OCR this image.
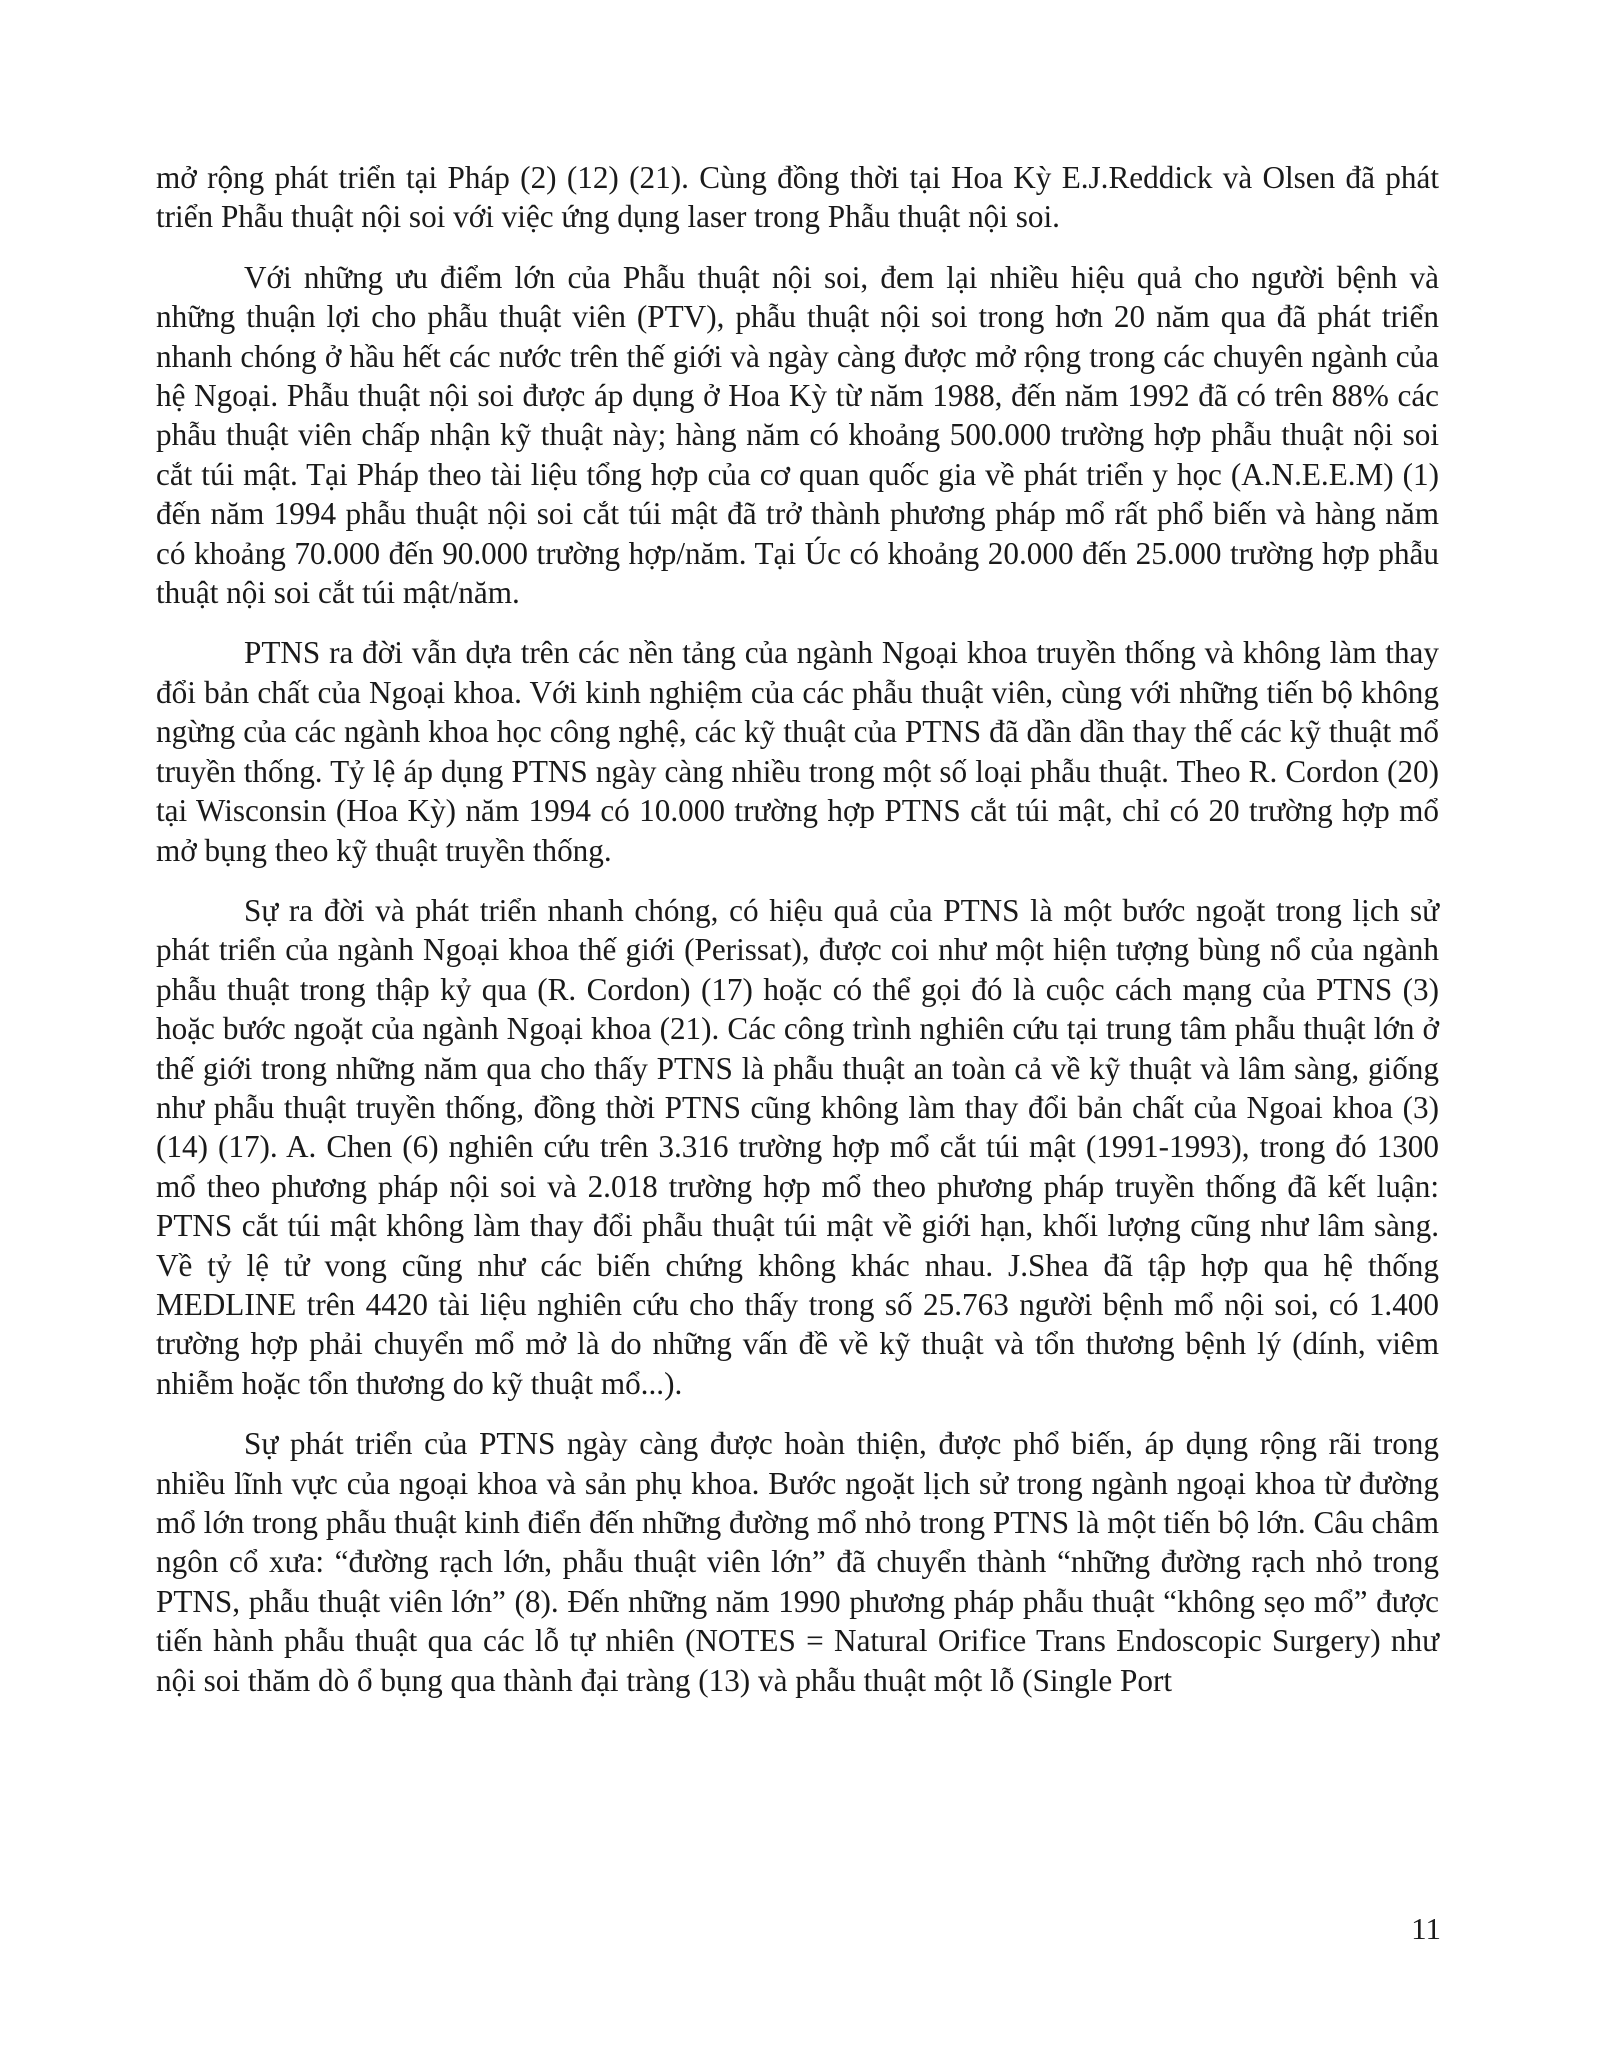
mở rộng phát triển tại Pháp (2) (12) (21). Cùng đồng thời tại Hoa Kỳ E.J.Reddick và Olsen đã phát triển Phẫu thuật nội soi với việc ứng dụng laser trong Phẫu thuật nội soi.

Với những ưu điểm lớn của Phẫu thuật nội soi, đem lại nhiều hiệu quả cho người bệnh và những thuận lợi cho phẫu thuật viên (PTV), phẫu thuật nội soi trong hơn 20 năm qua đã phát triển nhanh chóng ở hầu hết các nước trên thế giới và ngày càng được mở rộng trong các chuyên ngành của hệ Ngoại. Phẫu thuật nội soi được áp dụng ở Hoa Kỳ từ năm 1988, đến năm 1992 đã có trên 88% các phẫu thuật viên chấp nhận kỹ thuật này; hàng năm có khoảng 500.000 trường hợp phẫu thuật nội soi cắt túi mật. Tại Pháp theo tài liệu tổng hợp của cơ quan quốc gia về phát triển y học (A.N.E.E.M) (1) đến năm 1994 phẫu thuật nội soi cắt túi mật đã trở thành phương pháp mổ rất phổ biến và hàng năm có khoảng 70.000 đến 90.000 trường hợp/năm. Tại Úc có khoảng 20.000 đến 25.000 trường hợp phẫu thuật nội soi cắt túi mật/năm.

PTNS ra đời vẫn dựa trên các nền tảng của ngành Ngoại khoa truyền thống và không làm thay đổi bản chất của Ngoại khoa. Với kinh nghiệm của các phẫu thuật viên, cùng với những tiến bộ không ngừng của các ngành khoa học công nghệ, các kỹ thuật của PTNS đã dần dần thay thế các kỹ thuật mổ truyền thống. Tỷ lệ áp dụng PTNS ngày càng nhiều trong một số loại phẫu thuật. Theo R. Cordon (20) tại Wisconsin (Hoa Kỳ) năm 1994 có 10.000 trường hợp PTNS cắt túi mật, chỉ có 20 trường hợp mổ mở bụng theo kỹ thuật truyền thống.

Sự ra đời và phát triển nhanh chóng, có hiệu quả của PTNS là một bước ngoặt trong lịch sử phát triển của ngành Ngoại khoa thế giới (Perissat), được coi như một hiện tượng bùng nổ của ngành phẫu thuật trong thập kỷ qua (R. Cordon) (17) hoặc có thể gọi đó là cuộc cách mạng của PTNS (3) hoặc bước ngoặt của ngành Ngoại khoa (21). Các công trình nghiên cứu tại trung tâm phẫu thuật lớn ở thế giới trong những năm qua cho thấy PTNS là phẫu thuật an toàn cả về kỹ thuật và lâm sàng, giống như phẫu thuật truyền thống, đồng thời PTNS cũng không làm thay đổi bản chất của Ngoai khoa (3) (14) (17). A. Chen (6) nghiên cứu trên 3.316 trường hợp mổ cắt túi mật (1991-1993), trong đó 1300 mổ theo phương pháp nội soi và 2.018 trường hợp mổ theo phương pháp truyền thống đã kết luận: PTNS cắt túi mật không làm thay đổi phẫu thuật túi mật về giới hạn, khối lượng cũng như lâm sàng. Về tỷ lệ tử vong cũng như các biến chứng không khác nhau. J.Shea đã tập hợp qua hệ thống MEDLINE trên 4420 tài liệu nghiên cứu cho thấy trong số 25.763 người bệnh mổ nội soi, có 1.400 trường hợp phải chuyển mổ mở là do những vấn đề về kỹ thuật và tổn thương bệnh lý (dính, viêm nhiễm hoặc tổn thương do kỹ thuật mổ...).

Sự phát triển của PTNS ngày càng được hoàn thiện, được phổ biến, áp dụng rộng rãi trong nhiều lĩnh vực của ngoại khoa và sản phụ khoa. Bước ngoặt lịch sử trong ngành ngoại khoa từ đường mổ lớn trong phẫu thuật kinh điển đến những đường mổ nhỏ trong PTNS là một tiến bộ lớn. Câu châm ngôn cổ xưa: “đường rạch lớn, phẫu thuật viên lớn” đã chuyển thành “những đường rạch nhỏ trong PTNS, phẫu thuật viên lớn” (8). Đến những năm 1990 phương pháp phẫu thuật “không sẹo mổ” được tiến hành phẫu thuật qua các lỗ tự nhiên (NOTES = Natural Orifice Trans Endoscopic Surgery) như nội soi thăm dò ổ bụng qua thành đại tràng (13) và phẫu thuật một lỗ (Single Port

11
